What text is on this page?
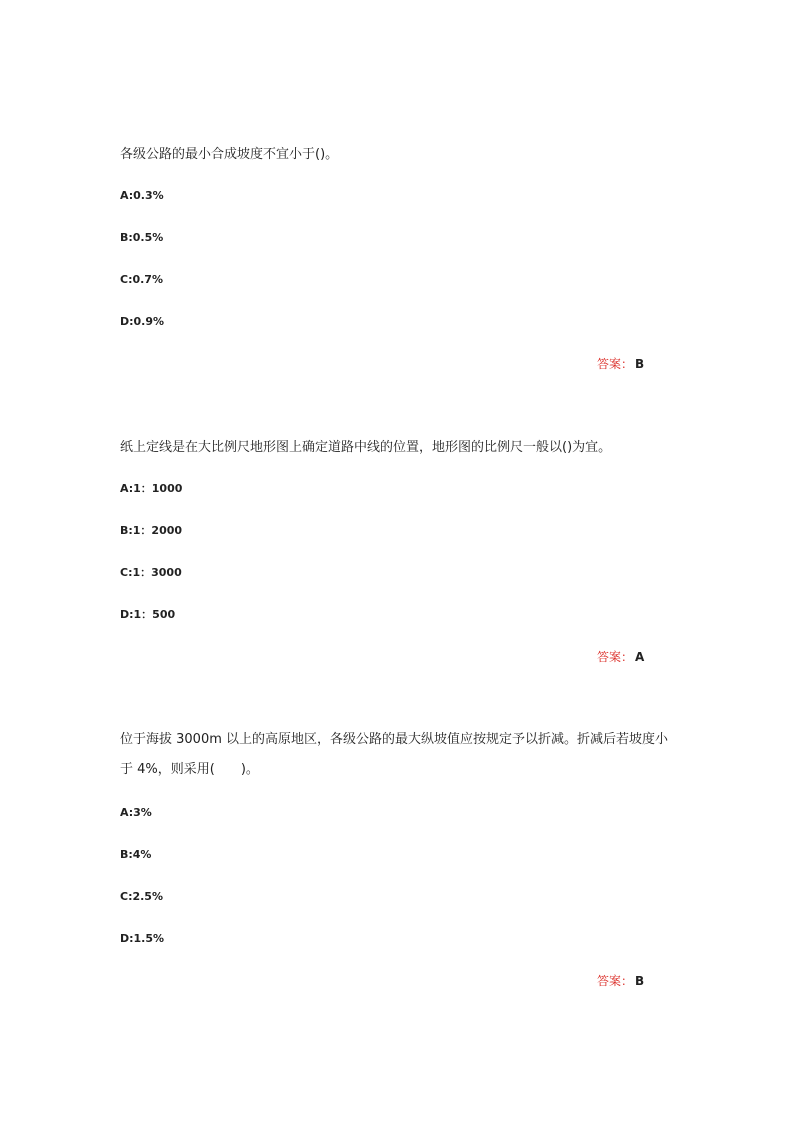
各级公路的最小合成坡度不宜小于()。

A:0.3%
B:0.5%
C:0.7%
D:0.9%
答案： B

纸上定线是在大比例尺地形图上确定道路中线的位置，地形图的比例尺一般以()为宜。

A:1：1000
B:1：2000
C:1：3000
D:1：500
答案： A

位于海拔 3000m 以上的高原地区，各级公路的最大纵坡值应按规定予以折减。折减后若坡度小于 4%，则采用(　　)。

A:3%
B:4%
C:2.5%
D:1.5%
答案： B
